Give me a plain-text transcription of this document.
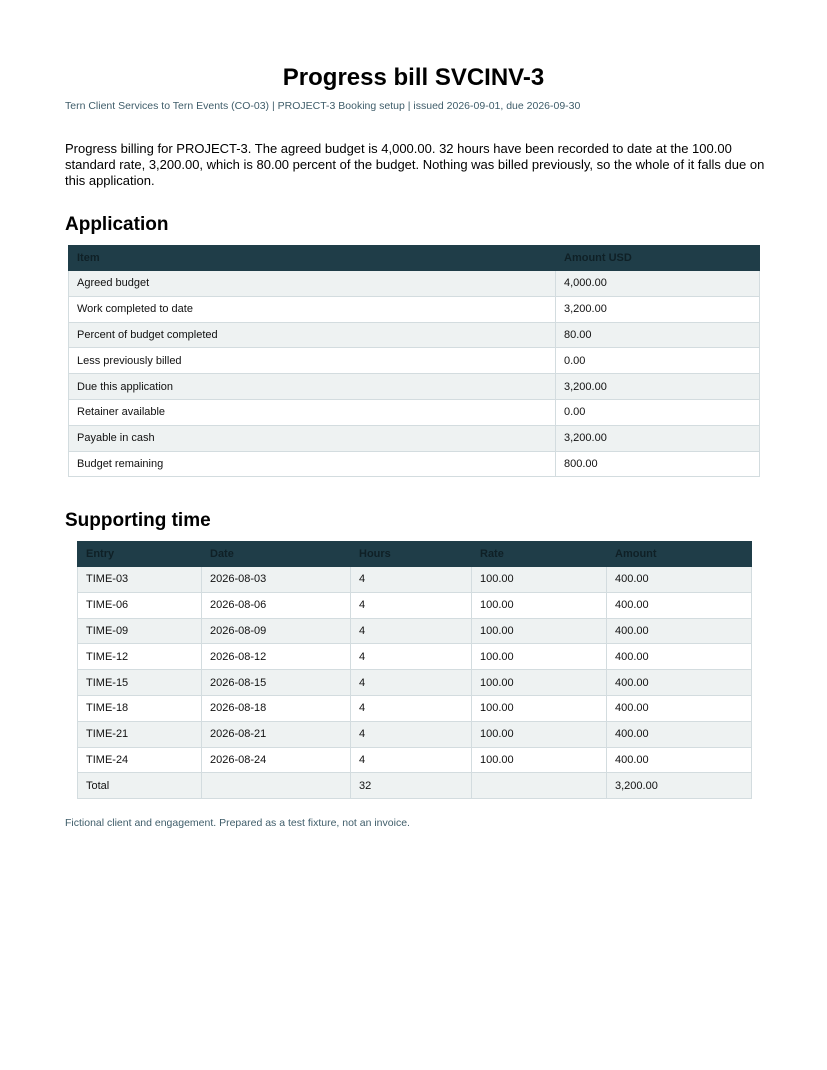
Progress bill SVCINV-3
Tern Client Services to Tern Events (CO-03) | PROJECT-3 Booking setup | issued 2026-09-01, due 2026-09-30

Progress billing for PROJECT-3. The agreed budget is 4,000.00. 32 hours have been recorded to date at the 100.00 standard rate, 3,200.00, which is 80.00 percent of the budget. Nothing was billed previously, so the whole of it falls due on this application.

Application
Item	Amount USD
Agreed budget	4,000.00
Work completed to date	3,200.00
Percent of budget completed	80.00
Less previously billed	0.00
Due this application	3,200.00
Retainer available	0.00
Payable in cash	3,200.00
Budget remaining	800.00
Supporting time
Entry	Date	Hours	Rate	Amount
TIME-03	2026-08-03	4	100.00	400.00
TIME-06	2026-08-06	4	100.00	400.00
TIME-09	2026-08-09	4	100.00	400.00
TIME-12	2026-08-12	4	100.00	400.00
TIME-15	2026-08-15	4	100.00	400.00
TIME-18	2026-08-18	4	100.00	400.00
TIME-21	2026-08-21	4	100.00	400.00
TIME-24	2026-08-24	4	100.00	400.00
Total		32		3,200.00
Fictional client and engagement. Prepared as a test fixture, not an invoice.
